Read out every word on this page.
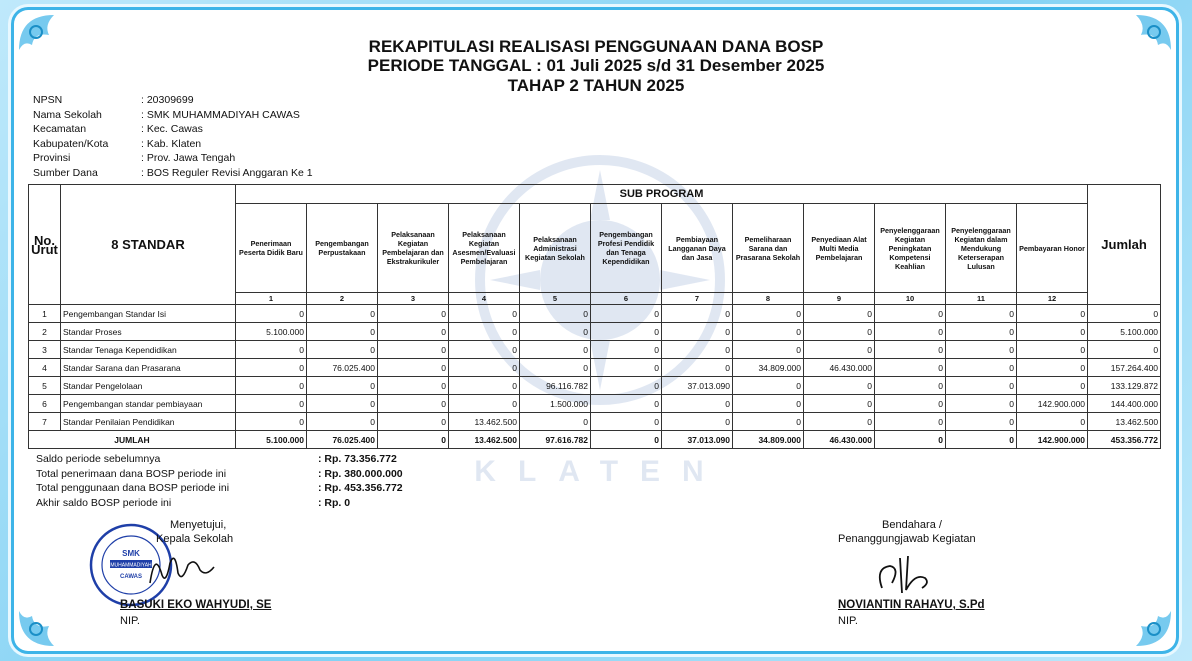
KLATEN
REKAPITULASI REALISASI PENGGUNAAN DANA BOSP
PERIODE TANGGAL : 01 Juli 2025 s/d 31 Desember 2025
TAHAP 2 TAHUN 2025
NPSN	: 20309699
Nama Sekolah	: SMK MUHAMMADIYAH CAWAS
Kecamatan	: Kec. Cawas
Kabupaten/Kota	: Kab. Klaten
Provinsi	: Prov. Jawa Tengah
Sumber Dana	: BOS Reguler Revisi Anggaran Ke 1
No. Urut	8 STANDAR	SUB PROGRAM												Jumlah
		Penerimaan Peserta Didik Baru	Pengembangan Perpustakaan	Pelaksanaan Kegiatan Pembelajaran dan Ekstrakurikuler	Pelaksanaan Kegiatan Asesmen/Evaluasi Pembelajaran	Pelaksanaan Administrasi Kegiatan Sekolah	Pengembangan Profesi Pendidik dan Tenaga Kependidikan	Pembiayaan Langganan Daya dan Jasa	Pemeliharaan Sarana dan Prasarana Sekolah	Penyediaan Alat Multi Media Pembelajaran	Penyelenggaraan Kegiatan Peningkatan Kompetensi Keahlian	Penyelenggaraan Kegiatan dalam Mendukung Keterserapan Lulusan	Pembayaran Honor	
		1	2	3	4	5	6	7	8	9	10	11	12	
1	Pengembangan Standar Isi	0	0	0	0	0	0	0	0	0	0	0	0	0
2	Standar Proses	5.100.000	0	0	0	0	0	0	0	0	0	0	0	5.100.000
3	Standar Tenaga Kependidikan	0	0	0	0	0	0	0	0	0	0	0	0	0
4	Standar Sarana dan Prasarana	0	76.025.400	0	0	0	0	0	34.809.000	46.430.000	0	0	0	157.264.400
5	Standar Pengelolaan	0	0	0	0	96.116.782	0	37.013.090	0	0	0	0	0	133.129.872
6	Pengembangan standar pembiayaan	0	0	0	0	1.500.000	0	0	0	0	0	0	142.900.000	144.400.000
7	Standar Penilaian Pendidikan	0	0	0	13.462.500	0	0	0	0	0	0	0	0	13.462.500
JUMLAH		5.100.000	76.025.400	0	13.462.500	97.616.782	0	37.013.090	34.809.000	46.430.000	0	0	142.900.000	453.356.772
Saldo periode sebelumnya	: Rp. 73.356.772
Total penerimaan dana BOSP periode ini	: Rp. 380.000.000
Total penggunaan dana BOSP periode ini	: Rp. 453.356.772
Akhir saldo BOSP periode ini	: Rp. 0
SMK
MUHAMMADIYAH
CAWAS
Menyetujui,
Kepala Sekolah
BASUKI EKO WAHYUDI, SE
NIP.
Bendahara /
Penanggungjawab Kegiatan
NOVIANTIN RAHAYU, S.Pd
NIP.
